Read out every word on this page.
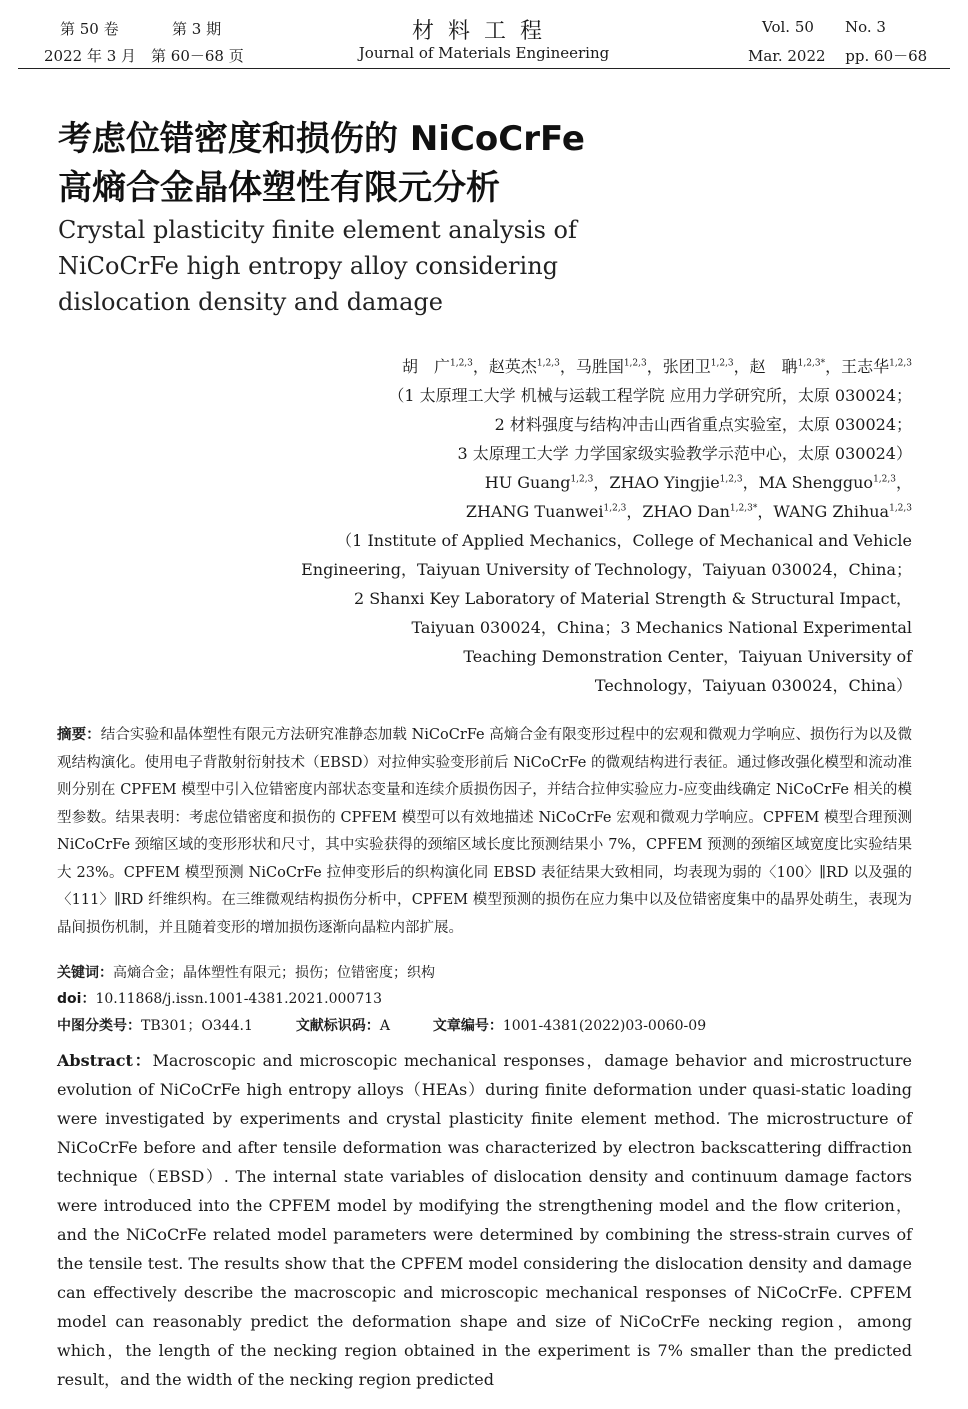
第 50 卷	第 3 期
2022 年 3 月　第 60－68 页
材料工程
Journal of Materials Engineering
Vol. 50 No. 3
Mar. 2022　 pp. 60－68
考虑位错密度和损伤的 NiCoCrFe
高熵合金晶体塑性有限元分析
Crystal plasticity finite element analysis of
NiCoCrFe high entropy alloy considering
dislocation density and damage
胡　广$^{1,2,3}$，赵英杰$^{1,2,3}$，马胜国$^{1,2,3}$，张团卫$^{1,2,3}$，赵　聃$^{1,2,3*}$，王志华$^{1,2,3}$
（1 太原理工大学 机械与运载工程学院 应用力学研究所，太原 030024；
2 材料强度与结构冲击山西省重点实验室，太原 030024；
3 太原理工大学 力学国家级实验教学示范中心，太原 030024）
HU Guang$^{1,2,3}$，ZHAO Yingjie$^{1,2,3}$，MA Shengguo$^{1,2,3}$，
ZHANG Tuanwei$^{1,2,3}$，ZHAO Dan$^{1,2,3*}$，WANG Zhihua$^{1,2,3}$
（1 Institute of Applied Mechanics，College of Mechanical and Vehicle
Engineering，Taiyuan University of Technology，Taiyuan 030024，China；
2 Shanxi Key Laboratory of Material Strength & Structural Impact，
Taiyuan 030024，China；3 Mechanics National Experimental
Teaching Demonstration Center，Taiyuan University of
Technology，Taiyuan 030024，China）
摘要：结合实验和晶体塑性有限元方法研究准静态加载 NiCoCrFe 高熵合金有限变形过程中的宏观和微观力学响应、损伤行为以及微观结构演化。使用电子背散射衍射技术（EBSD）对拉伸实验变形前后 NiCoCrFe 的微观结构进行表征。通过修改强化模型和流动准则分别在 CPFEM 模型中引入位错密度内部状态变量和连续介质损伤因子，并结合拉伸实验应力-应变曲线确定 NiCoCrFe 相关的模型参数。结果表明：考虑位错密度和损伤的 CPFEM 模型可以有效地描述 NiCoCrFe 宏观和微观力学响应。CPFEM 模型合理预测 NiCoCrFe 颈缩区域的变形形状和尺寸，其中实验获得的颈缩区域长度比预测结果小 7%，CPFEM 预测的颈缩区域宽度比实验结果大 23%。CPFEM 模型预测 NiCoCrFe 拉伸变形后的织构演化同 EBSD 表征结果大致相同，均表现为弱的〈100〉∥RD 以及强的〈111〉∥RD 纤维织构。在三维微观结构损伤分析中，CPFEM 模型预测的损伤在应力集中以及位错密度集中的晶界处萌生，表现为晶间损伤机制，并且随着变形的增加损伤逐渐向晶粒内部扩展。
关键词：高熵合金；晶体塑性有限元；损伤；位错密度；织构
doi：10.11868/j.issn.1001-4381.2021.000713
中图分类号：TB301；O344.1	文献标识码：A	文章编号：1001-4381(2022)03-0060-09
Abstract：Macroscopic and microscopic mechanical responses，damage behavior and microstructure evolution of NiCoCrFe high entropy alloys（HEAs）during finite deformation under quasi-static loading were investigated by experiments and crystal plasticity finite element method. The microstructure of NiCoCrFe before and after tensile deformation was characterized by electron backscattering diffraction technique（EBSD）. The internal state variables of dislocation density and continuum damage factors were introduced into the CPFEM model by modifying the strengthening model and the flow criterion，and the NiCoCrFe related model parameters were determined by combining the stress-strain curves of the tensile test. The results show that the CPFEM model considering the dislocation density and damage can effectively describe the macroscopic and microscopic mechanical responses of NiCoCrFe. CPFEM model can reasonably predict the deformation shape and size of NiCoCrFe necking region，among which，the length of the necking region obtained in the experiment is 7% smaller than the predicted result，and the width of the necking region predicted
